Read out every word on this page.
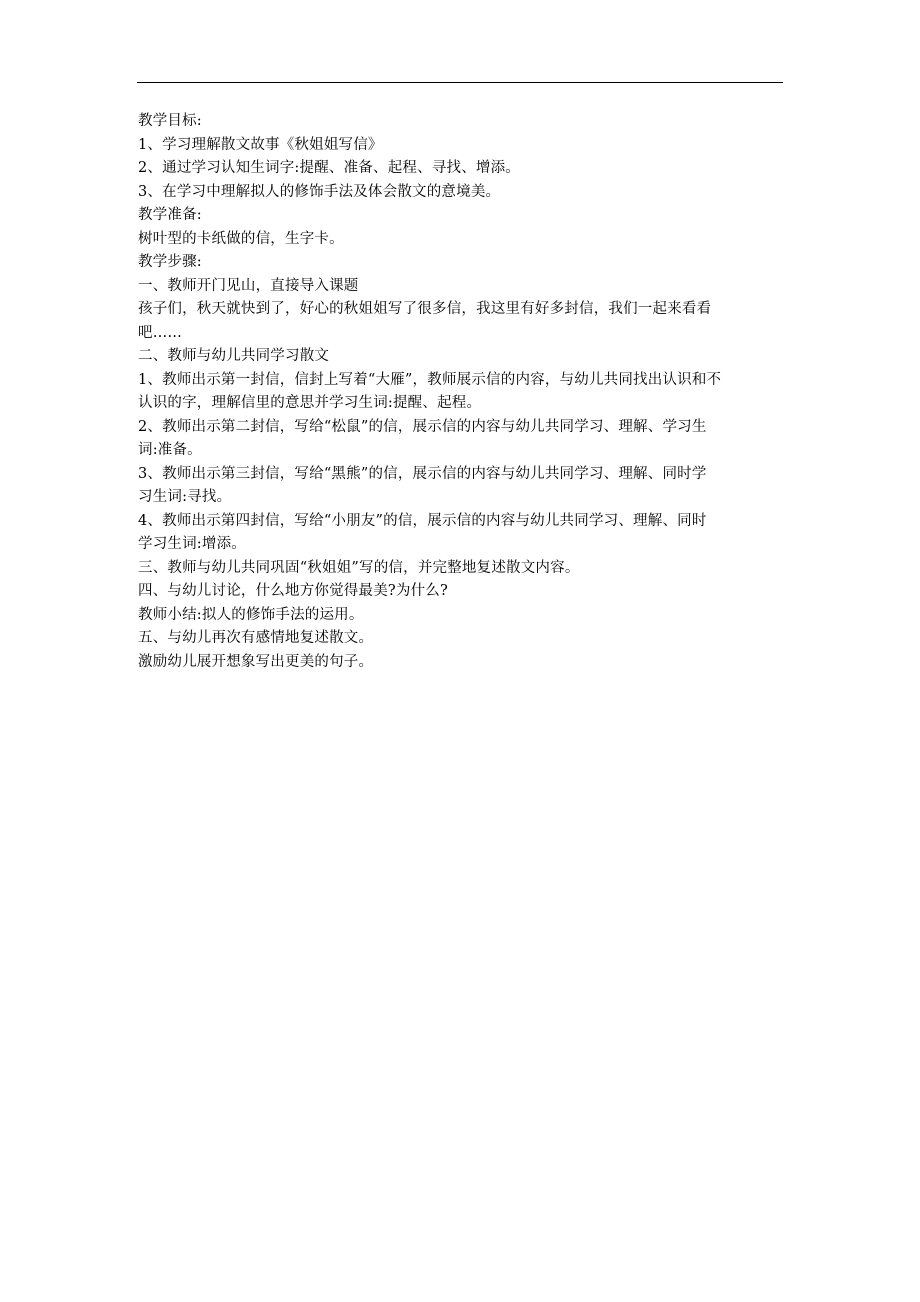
教学目标:
1、学习理解散文故事《秋姐姐写信》
2、通过学习认知生词字:提醒、准备、起程、寻找、增添。
3、在学习中理解拟人的修饰手法及体会散文的意境美。
教学准备:
树叶型的卡纸做的信，生字卡。
教学步骤:
一、教师开门见山，直接导入课题
孩子们，秋天就快到了，好心的秋姐姐写了很多信，我这里有好多封信，我们一起来看看
吧……
二、教师与幼儿共同学习散文
1、教师出示第一封信，信封上写着“大雁”，教师展示信的内容，与幼儿共同找出认识和不
认识的字，理解信里的意思并学习生词:提醒、起程。
2、教师出示第二封信，写给“松鼠”的信，展示信的内容与幼儿共同学习、理解、学习生
词:准备。
3、教师出示第三封信，写给“黑熊”的信，展示信的内容与幼儿共同学习、理解、同时学
习生词:寻找。
4、教师出示第四封信，写给“小朋友”的信，展示信的内容与幼儿共同学习、理解、同时
学习生词:增添。
三、教师与幼儿共同巩固“秋姐姐”写的信，并完整地复述散文内容。
四、与幼儿讨论，什么地方你觉得最美?为什么?
教师小结:拟人的修饰手法的运用。
五、与幼儿再次有感情地复述散文。
激励幼儿展开想象写出更美的句子。
